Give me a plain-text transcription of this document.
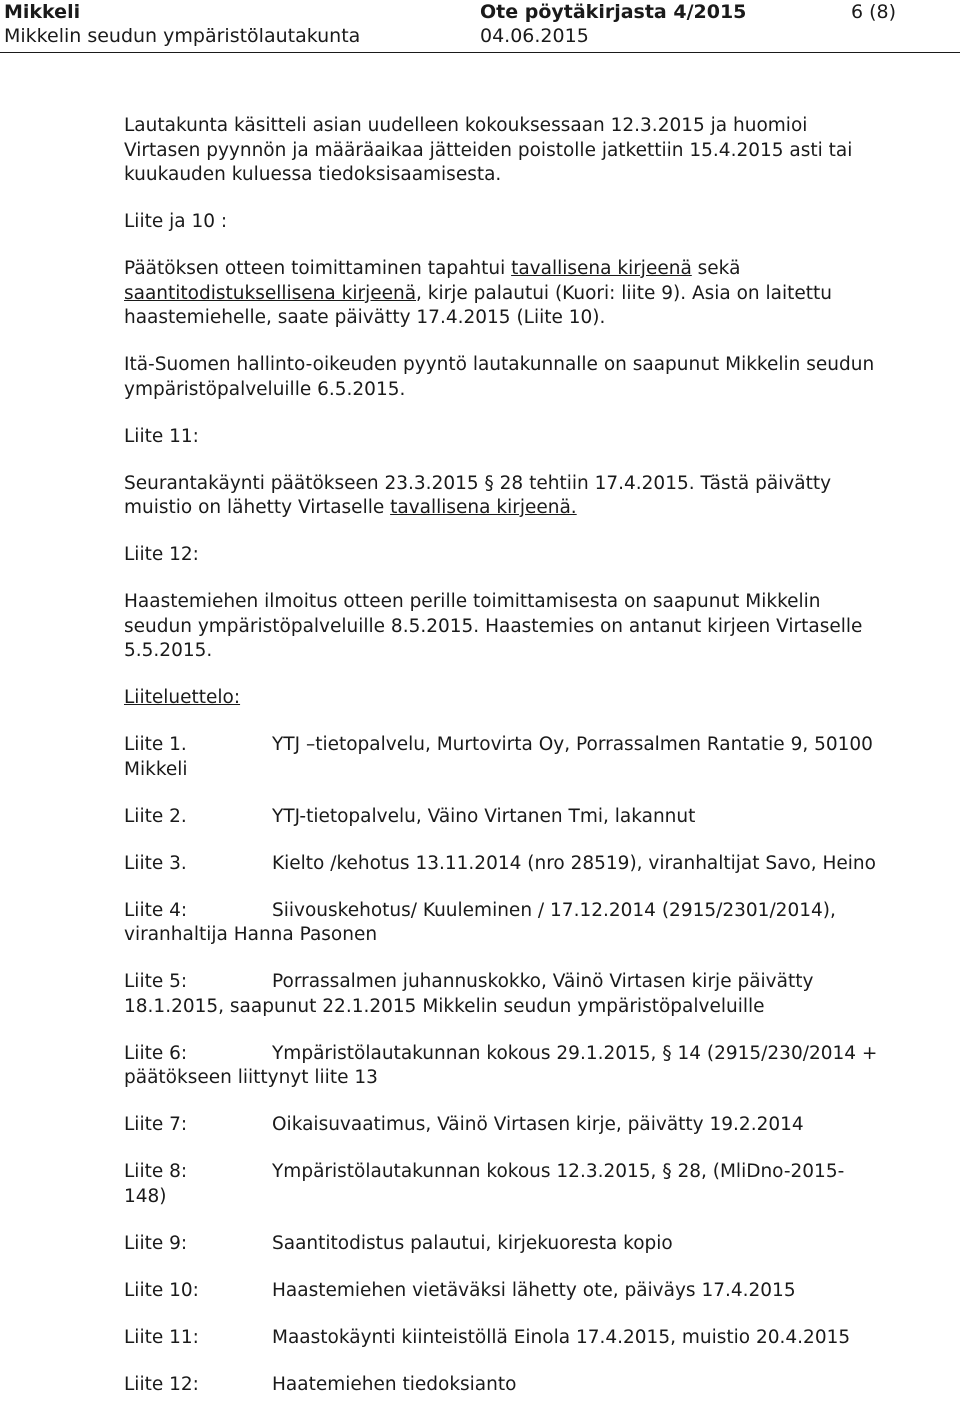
Mikkeli
Mikkelin seudun ympäristölautakunta
Ote pöytäkirjasta 4/2015
04.06.2015
6 (8)

Lautakunta käsitteli asian uudelleen kokouksessaan 12.3.2015 ja huomioi Virtasen pyynnön ja määräaikaa jätteiden poistolle jatkettiin 15.4.2015 asti tai kuukauden kuluessa tiedoksisaamisesta.

Liite ja 10 :

Päätöksen otteen toimittaminen tapahtui tavallisena kirjeenä sekä saantitodistuksellisena kirjeenä, kirje palautui (Kuori: liite 9). Asia on laitettu haastemiehelle, saate päivätty 17.4.2015 (Liite 10).

Itä-Suomen hallinto-oikeuden pyyntö lautakunnalle on saapunut Mikkelin seudun ympäristöpalveluille 6.5.2015.

Liite 11:

Seurantakäynti päätökseen 23.3.2015 § 28 tehtiin 17.4.2015. Tästä päivätty muistio on lähetty Virtaselle tavallisena kirjeenä.

Liite 12:

Haastemiehen ilmoitus otteen perille toimittamisesta on saapunut Mikkelin seudun ympäristöpalveluille 8.5.2015. Haastemies on antanut kirjeen Virtaselle 5.5.2015.

Liiteluettelo:

Liite 1.	YTJ –tietopalvelu, Murtovirta Oy, Porrassalmen Rantatie 9, 50100 Mikkeli

Liite 2.	YTJ-tietopalvelu, Väino Virtanen Tmi, lakannut

Liite 3.	Kielto /kehotus 13.11.2014 (nro 28519), viranhaltijat Savo, Heino

Liite 4:	Siivouskehotus/ Kuuleminen / 17.12.2014 (2915/2301/2014), viranhaltija Hanna Pasonen

Liite 5:	Porrassalmen juhannuskokko, Väinö Virtasen kirje päivätty 18.1.2015, saapunut 22.1.2015 Mikkelin seudun ympäristöpalveluille

Liite 6:	Ympäristölautakunnan kokous 29.1.2015, § 14 (2915/230/2014 + päätökseen liittynyt liite 13

Liite 7:	Oikaisuvaatimus, Väinö Virtasen kirje, päivätty 19.2.2014

Liite 8:	Ympäristölautakunnan kokous 12.3.2015, § 28, (MliDno-2015-148)

Liite 9:	Saantitodistus palautui, kirjekuoresta kopio

Liite 10:	Haastemiehen vietäväksi lähetty ote, päiväys 17.4.2015

Liite 11:	Maastokäynti kiinteistöllä Einola 17.4.2015, muistio 20.4.2015

Liite 12:	Haatemiehen tiedoksianto
